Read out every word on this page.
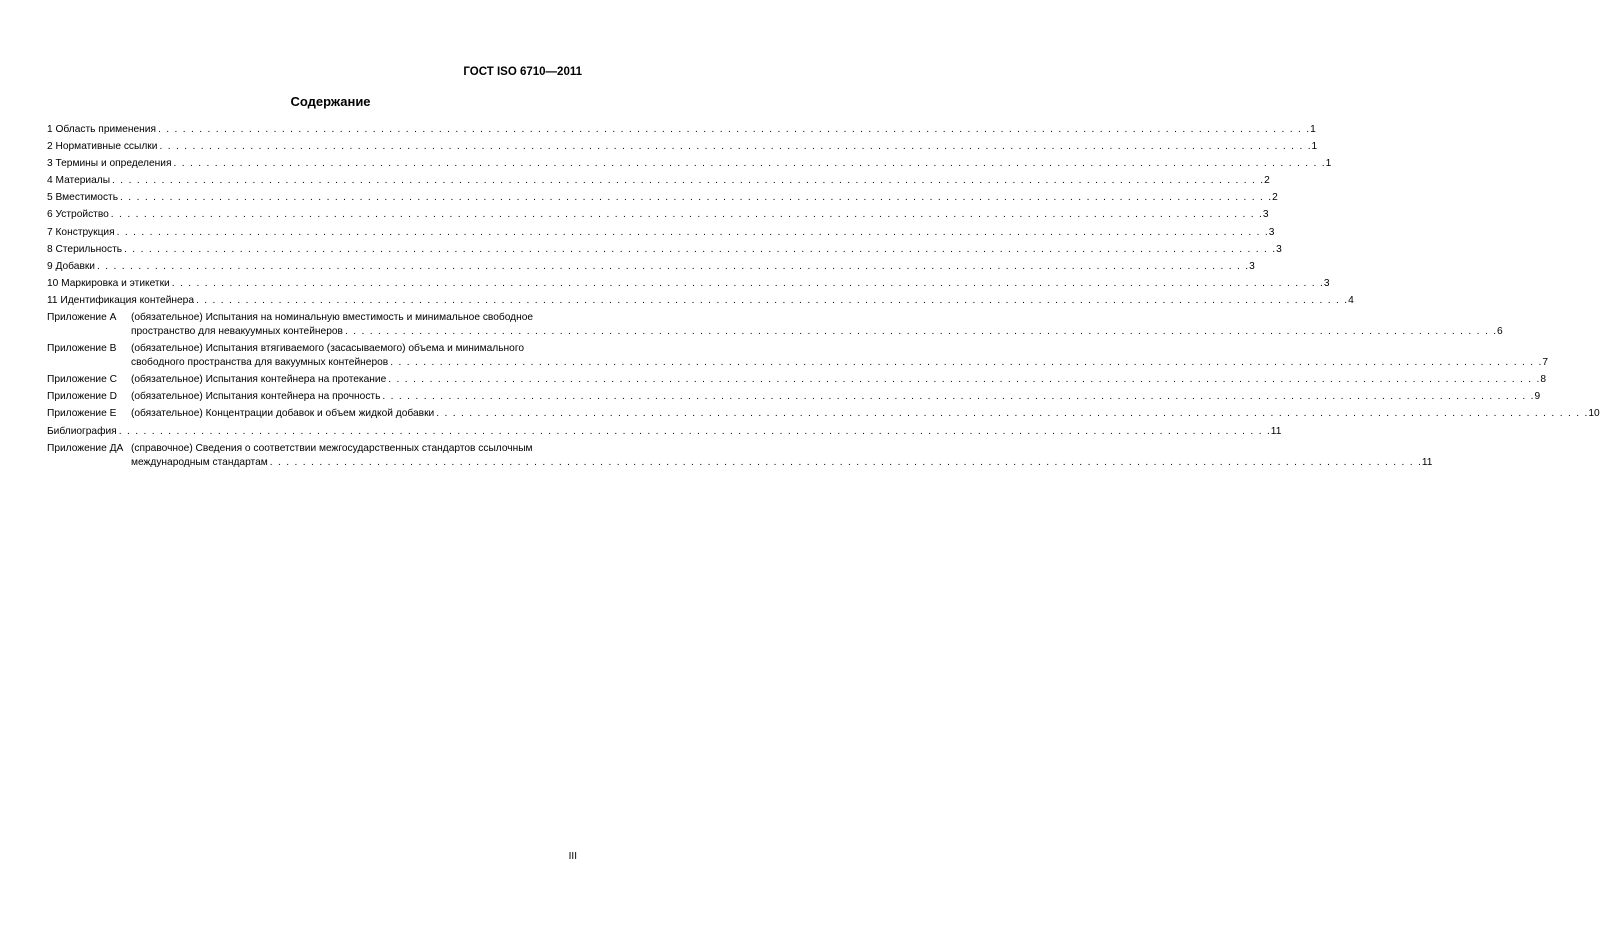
ГОСТ ISO 6710—2011
Содержание
1 Область применения . . .	1
2 Нормативные ссылки . . .	1
3 Термины и определения . . .	1
4 Материалы . . .	2
5 Вместимость . . .	2
6 Устройство . . .	3
7 Конструкция . . .	3
8 Стерильность . . .	3
9 Добавки . . .	3
10 Маркировка и этикетки . . .	3
11 Идентификация контейнера . . .	4
Приложение А	(обязательное) Испытания на номинальную вместимость и минимальное свободное
пространство для невакуумных контейнеров . . .	6
Приложение В	(обязательное) Испытания втягиваемого (засасываемого) объема и минимального
свободного пространства для вакуумных контейнеров . . .	7
Приложение С	(обязательное) Испытания контейнера на протекание . . .	8
Приложение D	(обязательное) Испытания контейнера на прочность . . .	9
Приложение Е	(обязательное) Концентрации добавок и объем жидкой добавки . . .	10
Библиография . . .	11
Приложение ДА (справочное) Сведения о соответствии межгосударственных стандартов ссылочным
международным стандартам . . .	11
III
